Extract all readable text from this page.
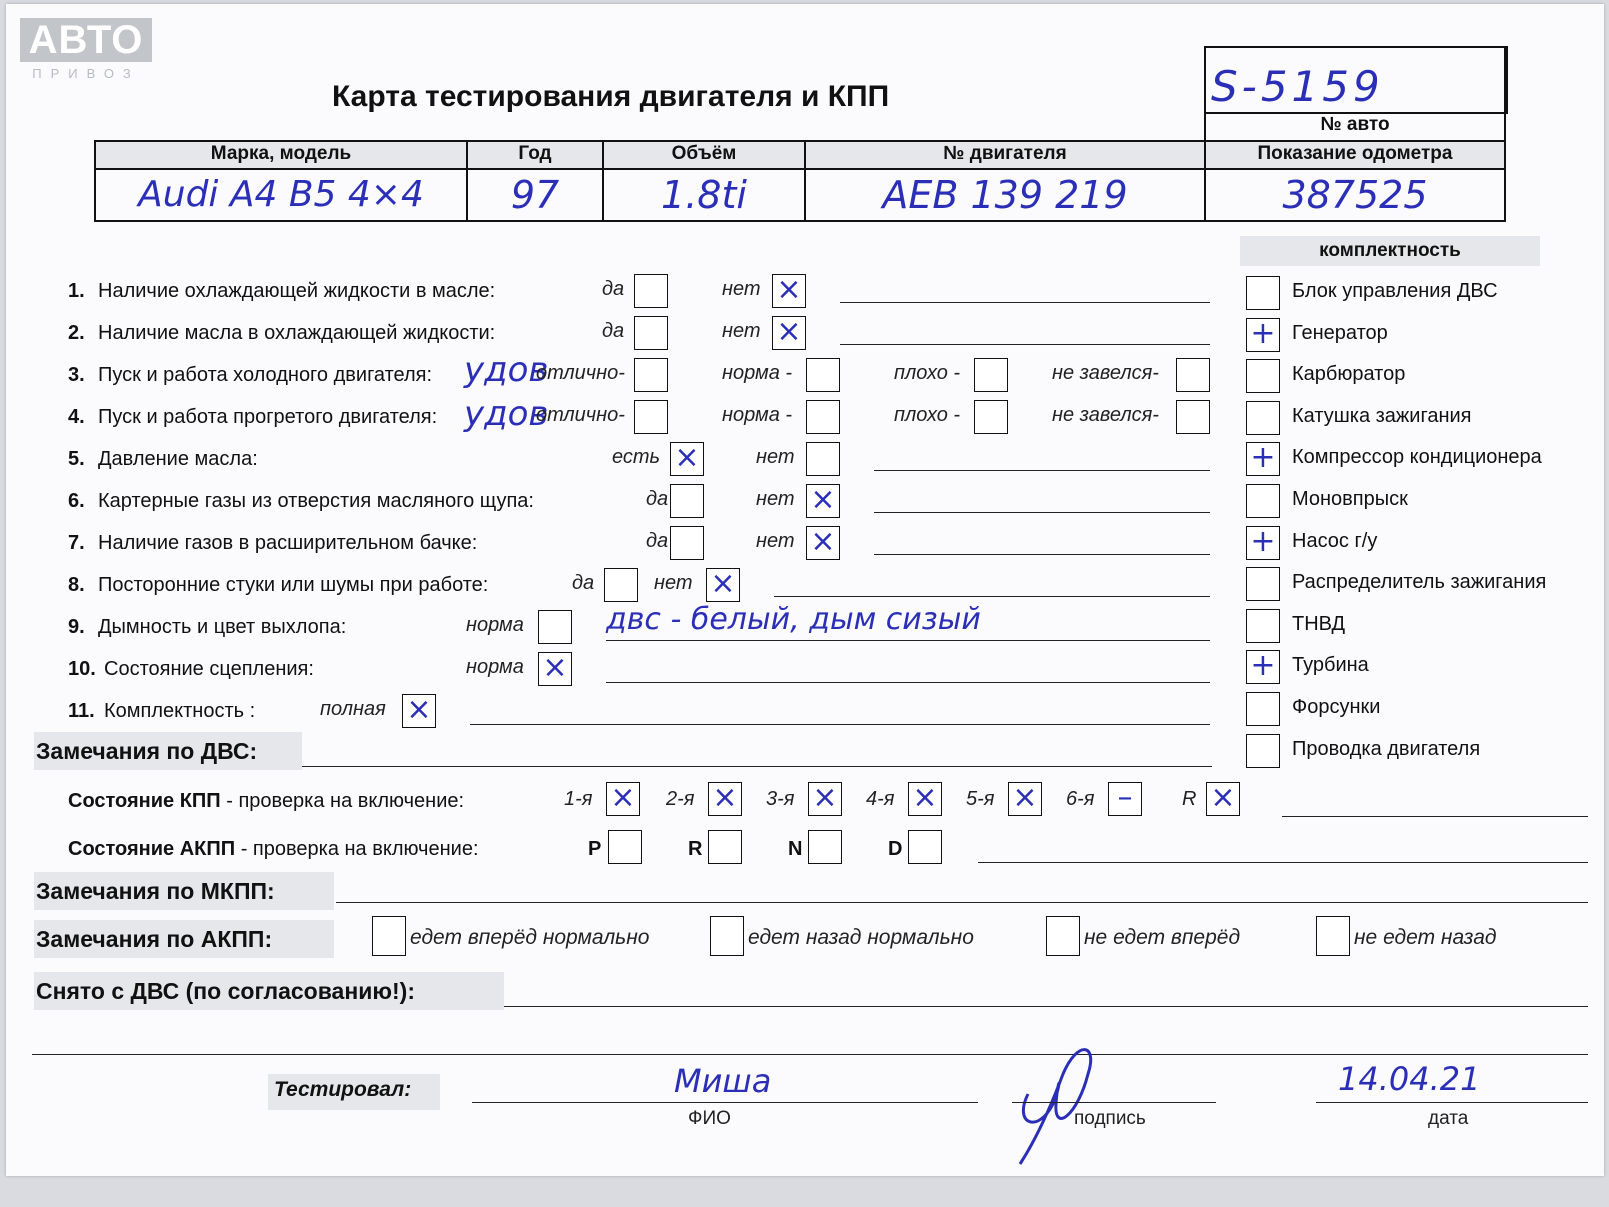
АВТО
ПРИВОЗ
Карта тестирования двигателя и КПП	S-5159
№ авто
Марка, модель	Год	Объём	№ двигателя	Показание одометра
Audi A4 B5 4×4	97	1.8ti	AEB 139 219	387525
комплектность
Блок управления ДВС
+ Генератор
Карбюратор
Катушка зажигания
+ Компрессор кондиционера
Моновпрыск
+ Насос г/у
Распределитель зажигания
ТНВД
+ Турбина
Форсунки
Проводка двигателя
1. Наличие охлаждающей жидкости в масле:	да	нет ×
2. Наличие масла в охлаждающей жидкости:	да	нет ×
3. Пуск и работа холодного двигателя: удов
отлично-	норма -	плохо -	не завелся-
4. Пуск и работа прогретого двигателя: удов
отлично-	норма -	плохо -	не завелся-
5. Давление масла:	есть ×	нет
6. Картерные газы из отверстия масляного щупа:	да	нет ×
7. Наличие газов в расширительном бачке:	да	нет ×
8. Посторонние стуки или шумы при работе:	да	нет ×
9. Дымность и цвет выхлопа:	норма	двс - белый, дым сизый
10. Состояние сцепления:	норма ×
11. Комплектность :	полная ×
Замечания по ДВС:
Состояние КПП - проверка на включение:	1-я × 2-я × 3-я × 4-я × 5-я × 6-я –	R ×
Состояние АКПП - проверка на включение:	P	R	N	D
Замечания по МКПП:
Замечания по АКПП:	едет вперёд нормально	едет назад нормально	не едет вперёд	не едет назад
Снято с ДВС (по согласованию!):
Тестировал:	Миша
ФИО	подпись
14.04.21
дата
